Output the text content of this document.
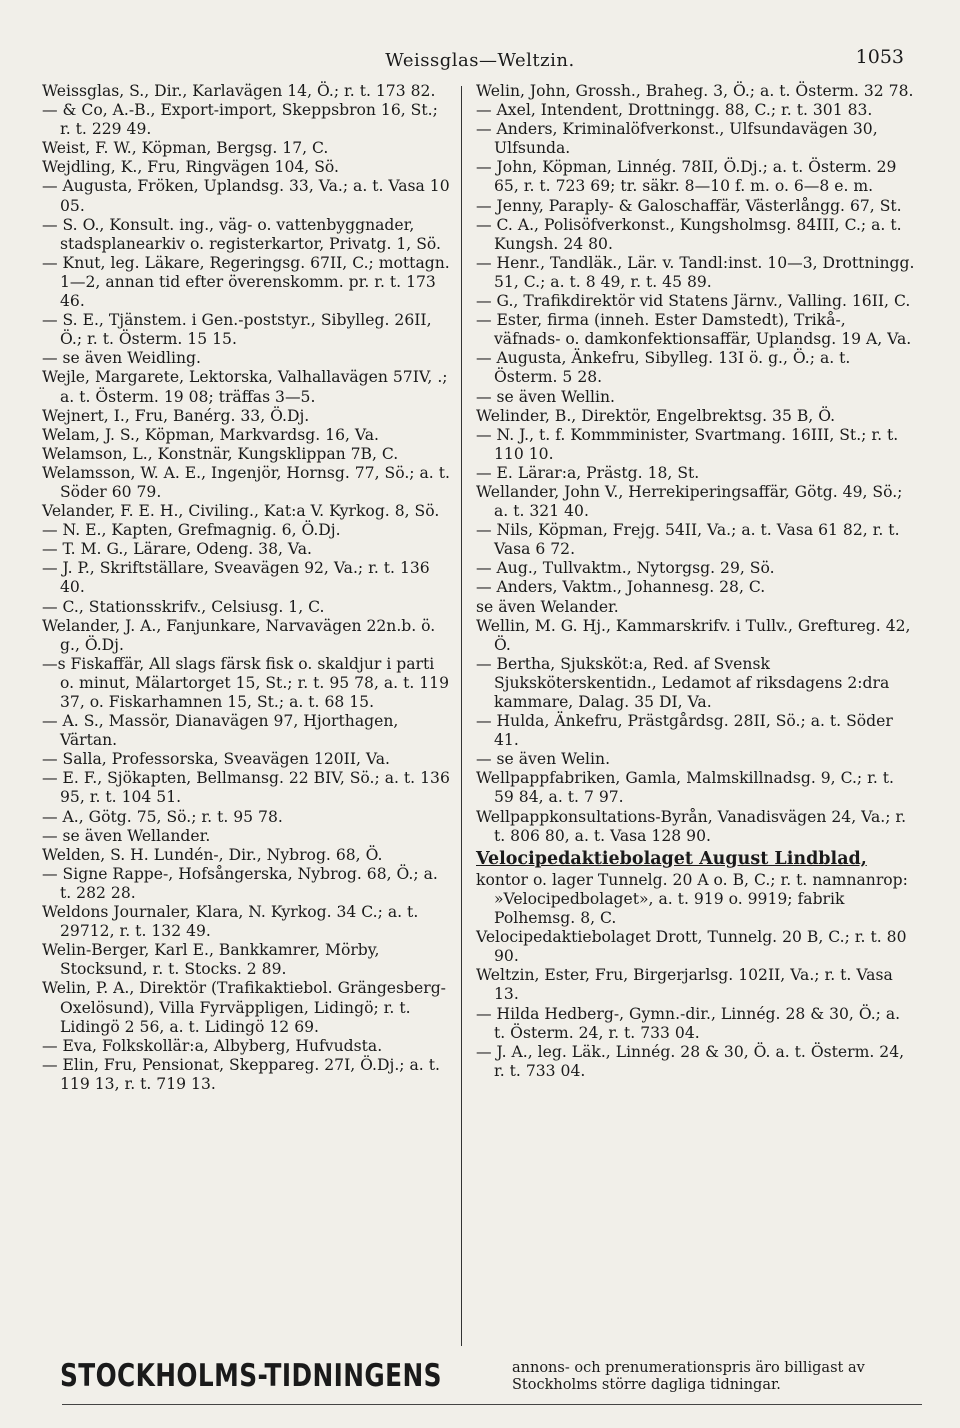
Weissglas—Weltzin.	1053
Weissglas, S., Dir., Karlavägen 14, Ö.; r. t. 173 82.
— & Co, A.-B., Export-import, Skeppsbron 16, St.; r. t. 229 49.
Weist, F. W., Köpman, Bergsg. 17, C.
Wejdling, K., Fru, Ringvägen 104, Sö.
— Augusta, Fröken, Uplandsg. 33, Va.; a. t. Vasa 10 05.
— S. O., Konsult. ing., väg- o. vattenbyggnader, stadsplanearkiv o. registerkartor, Privatg. 1, Sö.
— Knut, leg. Läkare, Regeringsg. 67II, C.; mottagn. 1—2, annan tid efter överenskomm. pr. r. t. 173 46.
— S. E., Tjänstem. i Gen.-poststyr., Sibylleg. 26II, Ö.; r. t. Österm. 15 15.
— se även Weidling.
Wejle, Margarete, Lektorska, Valhallavägen 57IV, .; a. t. Österm. 19 08; träffas 3—5.
Wejnert, I., Fru, Banérg. 33, Ö.Dj.
Welam, J. S., Köpman, Markvardsg. 16, Va.
Welamson, L., Konstnär, Kungsklippan 7B, C.
Welamsson, W. A. E., Ingenjör, Hornsg. 77, Sö.; a. t. Söder 60 79.
Velander, F. E. H., Civiling., Kat:a V. Kyrkog. 8, Sö.
— N. E., Kapten, Grefmagnig. 6, Ö.Dj.
— T. M. G., Lärare, Odeng. 38, Va.
— J. P., Skriftställare, Sveavägen 92, Va.; r. t. 136 40.
— C., Stationsskrifv., Celsiusg. 1, C.
Welander, J. A., Fanjunkare, Narvavägen 22n.b. ö. g., Ö.Dj.
—s Fiskaffär, All slags färsk fisk o. skaldjur i parti o. minut, Mälartorget 15, St.; r. t. 95 78, a. t. 119 37, o. Fiskarhamnen 15, St.; a. t. 68 15.
— A. S., Massör, Dianavägen 97, Hjorthagen, Värtan.
— Salla, Professorska, Sveavägen 120II, Va.
— E. F., Sjökapten, Bellmansg. 22 BIV, Sö.; a. t. 136 95, r. t. 104 51.
— A., Götg. 75, Sö.; r. t. 95 78.
— se även Wellander.
Welden, S. H. Lundén-, Dir., Nybrog. 68, Ö.
— Signe Rappe-, Hofsångerska, Nybrog. 68, Ö.; a. t. 282 28.
Weldons Journaler, Klara, N. Kyrkog. 34 C.; a. t. 29712, r. t. 132 49.
Welin-Berger, Karl E., Bankkamrer, Mörby, Stocksund, r. t. Stocks. 2 89.
Welin, P. A., Direktör (Trafikaktiebol. Grängesberg-Oxelösund), Villa Fyrväppligen, Lidingö; r. t. Lidingö 2 56, a. t. Lidingö 12 69.
— Eva, Folkskollär:a, Albyberg, Hufvudsta.
— Elin, Fru, Pensionat, Skeppareg. 27I, Ö.Dj.; a. t. 119 13, r. t. 719 13.
Welin, John, Grossh., Braheg. 3, Ö.; a. t. Österm. 32 78.
— Axel, Intendent, Drottningg. 88, C.; r. t. 301 83.
— Anders, Kriminalöfverkonst., Ulfsundavägen 30, Ulfsunda.
— John, Köpman, Linnég. 78II, Ö.Dj.; a. t. Österm. 29 65, r. t. 723 69; tr. säkr. 8—10 f. m. o. 6—8 e. m.
— Jenny, Paraply- & Galoschaffär, Västerlångg. 67, St.
— C. A., Polisöfverkonst., Kungsholmsg. 84III, C.; a. t. Kungsh. 24 80.
— Henr., Tandläk., Lär. v. Tandl:inst. 10—3, Drottningg. 51, C.; a. t. 8 49, r. t. 45 89.
— G., Trafikdirektör vid Statens Järnv., Valling. 16II, C.
— Ester, firma (inneh. Ester Damstedt), Trikå-, väfnads- o. damkonfektionsaffär, Uplandsg. 19 A, Va.
— Augusta, Änkefru, Sibylleg. 13I ö. g., Ö.; a. t. Österm. 5 28.
— se även Wellin.
Welinder, B., Direktör, Engelbrektsg. 35 B, Ö.
— N. J., t. f. Kommminister, Svartmang. 16III, St.; r. t. 110 10.
— E. Lärar:a, Prästg. 18, St.
Wellander, John V., Herrekiperingsaffär, Götg. 49, Sö.; a. t. 321 40.
— Nils, Köpman, Frejg. 54II, Va.; a. t. Vasa 61 82, r. t. Vasa 6 72.
— Aug., Tullvaktm., Nytorgsg. 29, Sö.
— Anders, Vaktm., Johannesg. 28, C.
se även Welander.
Wellin, M. G. Hj., Kammarskrifv. i Tullv., Greftureg. 42, Ö.
— Bertha, Sjuksköt:a, Red. af Svensk Sjuksköterskentidn., Ledamot af riksdagens 2:dra kammare, Dalag. 35 DI, Va.
— Hulda, Änkefru, Prästgårdsg. 28II, Sö.; a. t. Söder 41.
— se även Welin.
Wellpappfabriken, Gamla, Malmskillnadsg. 9, C.; r. t. 59 84, a. t. 7 97.
Wellpappkonsultations-Byrån, Vanadisvägen 24, Va.; r. t. 806 80, a. t. Vasa 128 90.
Velocipedaktiebolaget August Lindblad,
kontor o. lager Tunnelg. 20 A o. B, C.; r. t. namnanrop: »Velocipedbolaget», a. t. 919 o. 9919; fabrik Polhemsg. 8, C.
Velocipedaktiebolaget Drott, Tunnelg. 20 B, C.; r. t. 80 90.
Weltzin, Ester, Fru, Birgerjarlsg. 102II, Va.; r. t. Vasa 13.
— Hilda Hedberg-, Gymn.-dir., Linnég. 28 & 30, Ö.; a. t. Österm. 24, r. t. 733 04.
— J. A., leg. Läk., Linnég. 28 & 30, Ö. a. t. Österm. 24, r. t. 733 04.
STOCKHOLMS-TIDNINGENS	annons- och prenumerationspris äro billigast av Stockholms större dagliga tidningar.
